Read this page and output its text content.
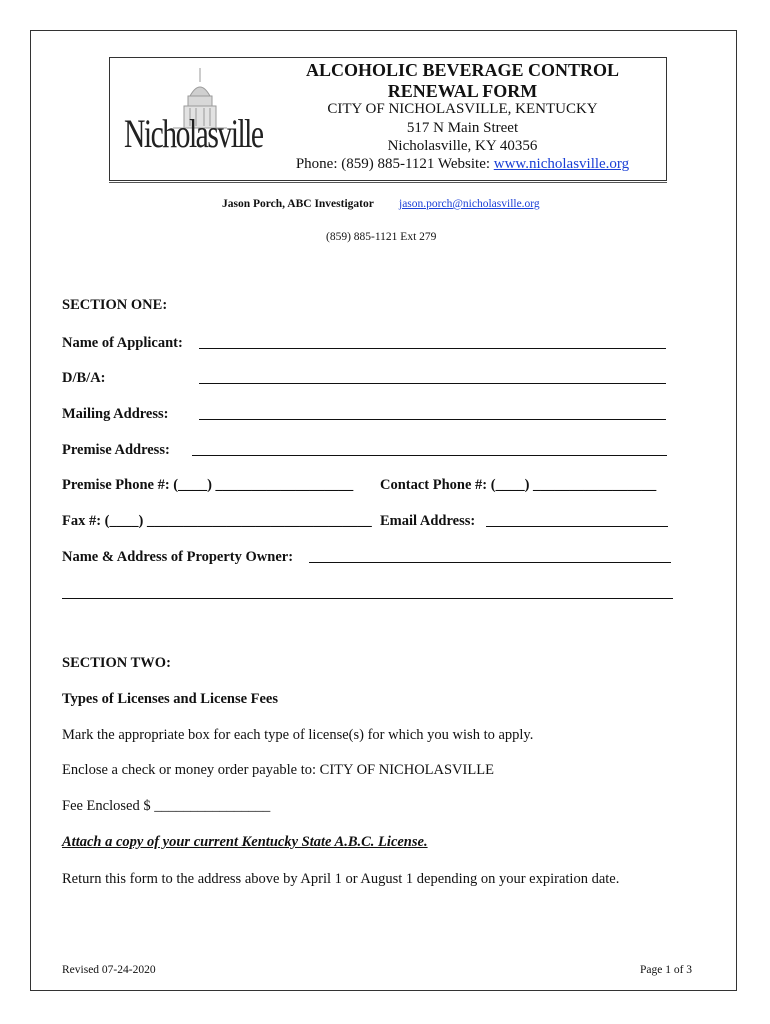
Nicholasville
ALCOHOLIC BEVERAGE CONTROL
RENEWAL FORM
CITY OF NICHOLASVILLE, KENTUCKY
517 N Main Street
Nicholasville, KY 40356
Phone: (859) 885-1121 Website: www.nicholasville.org
Jason Porch, ABC Investigator jason.porch@nicholasville.org
(859) 885-1121 Ext 279
SECTION ONE:
Name of Applicant:
D/B/A:
Mailing Address:
Premise Address:
Premise Phone #: (____) ___________________ Contact Phone #: (____) _________________
Fax #: (____) _______________________________ Email Address:
Name & Address of Property Owner:
SECTION TWO:
Types of Licenses and License Fees
Mark the appropriate box for each type of license(s) for which you wish to apply.
Enclose a check or money order payable to: CITY OF NICHOLASVILLE
Fee Enclosed $ ________________
Attach a copy of your current Kentucky State A.B.C. License.
Return this form to the address above by April 1 or August 1 depending on your expiration date.
Revised 07-24-2020	Page 1 of 3
